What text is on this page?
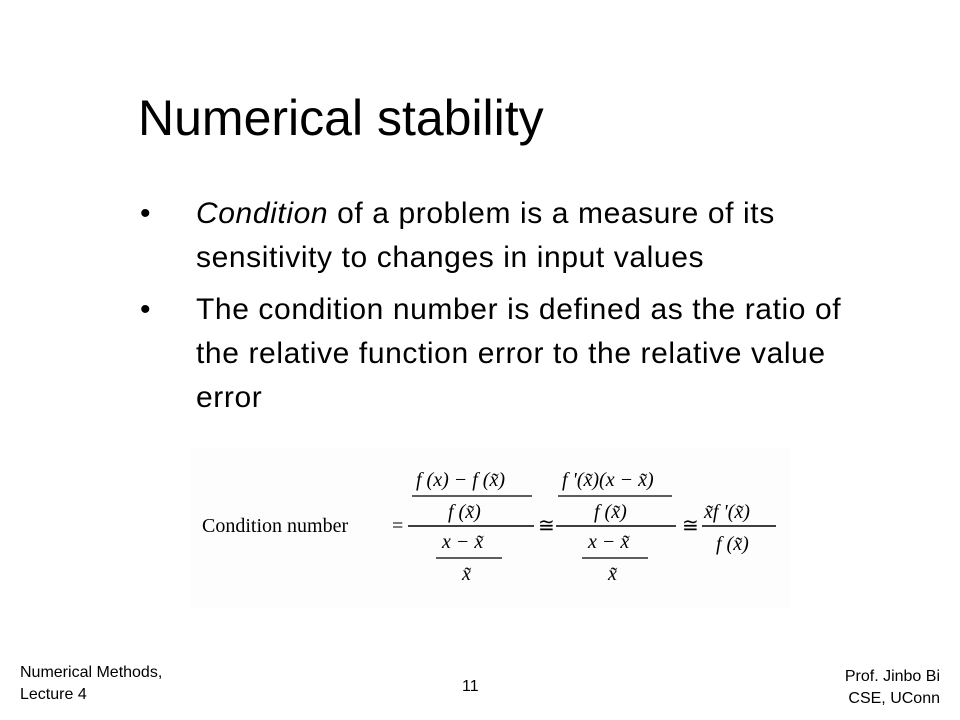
Numerical stability
• Condition of a problem is a measure of its sensitivity to changes in input values
• The condition number is defined as the ratio of the relative function error to the relative value error
Condition number =
f (x) − f (x̃)
f (x̃)
x − x̃
x̃
≅
f '(x̃)(x − x̃)
f (x̃)
x − x̃
x̃
≅
x̃f '(x̃)
f (x̃)
Numerical Methods,
Lecture 4	11
Prof. Jinbo Bi
CSE, UConn
